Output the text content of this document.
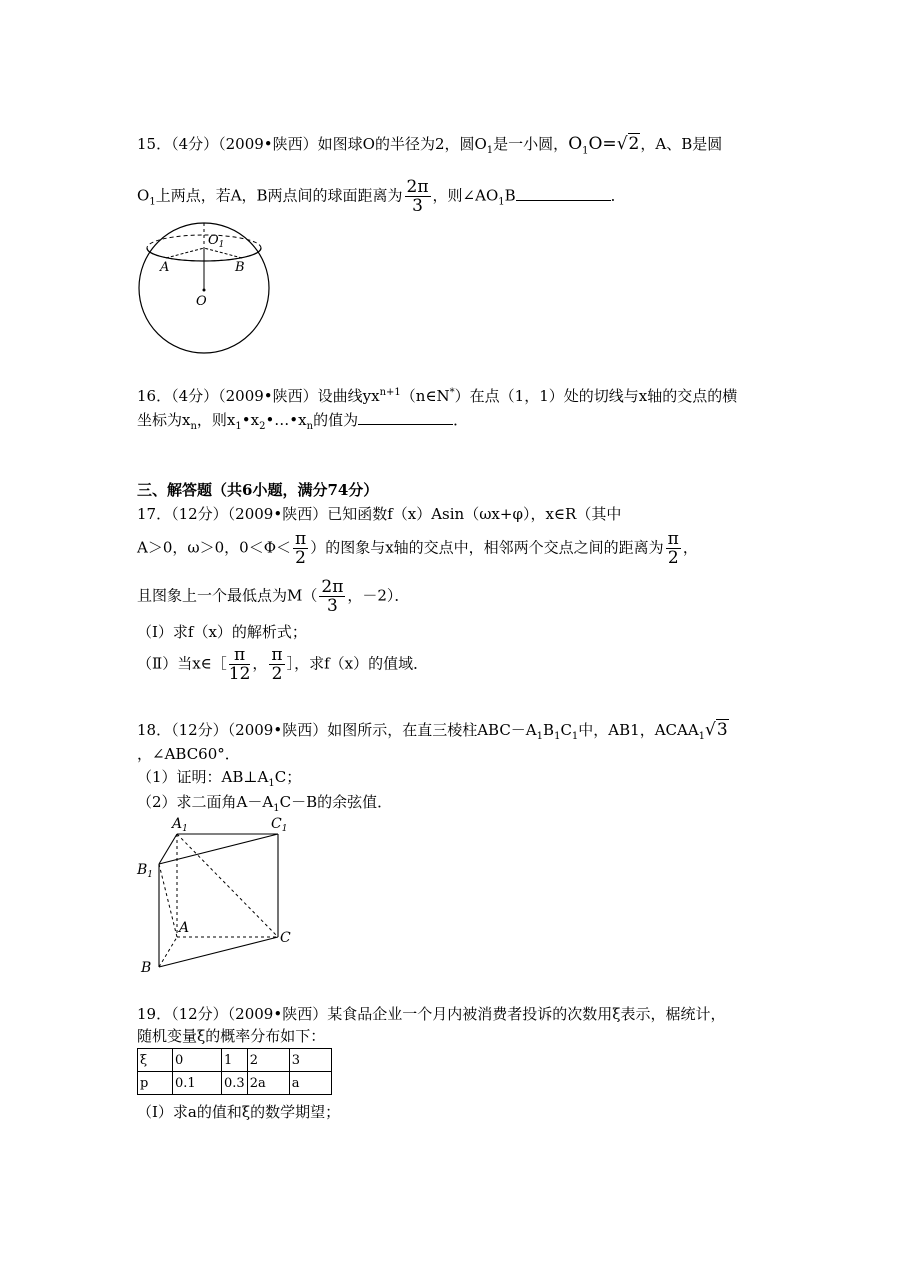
15．（4分）（2009•陕西）如图球O的半径为2，圆$O_1$是一小圆，$O_1O=√2$，A、B是圆
$O_1$上两点，若A，B两点间的球面距离为 $\frac{2\pi}{3}$ ，则$\angle AO_1B$	．
$O_1$
A	B
O
16．（4分）（2009•陕西）设曲线$yx^{n+1}(n\in N^*)$在点（1，1）处的切线与x轴的交点的横
坐标为$x_n$，则$x_1•x_2•\dots•x_n$的值为	．
三、解答题（共6小题，满分74分）
17．（12分）（2009•陕西）已知函数f（x）Asin（ωx+φ），x∈R（其中
A＞0，ω＞0，$0<\Phi< \frac{\pi}{2}$ ）的图象与x轴的交点中，相邻两个交点之间的距离为 $\frac{\pi}{2}$ ，
且图象上一个最低点为$M( \frac{2\pi}{3}$ ，－2）．
（Ⅰ）求f（x）的解析式；
（Ⅱ）当x∈［ $\frac{\pi}{12}$ ， $\frac{\pi}{2}$ ］，求f（x）的值域．
18．（12分）（2009•陕西）如图所示，在直三棱柱$ABC-A_1B_1C_1$中，AB1，$ACAA_1√3$
，∠ABC60°．
（1）证明：$AB\perp A_1C$；
（2）求二面角$A-A_1C-B$的余弦值．
$A_1$	$C_1$
$B_1$
A
C
B
19．（12分）（2009•陕西）某食品企业一个月内被消费者投诉的次数用ξ表示，椐统计，
随机变量ξ的概率分布如下：
ξ	0	1	2	3
p	0.1	0.3	2a	a
（Ⅰ）求a的值和ξ的数学期望；
